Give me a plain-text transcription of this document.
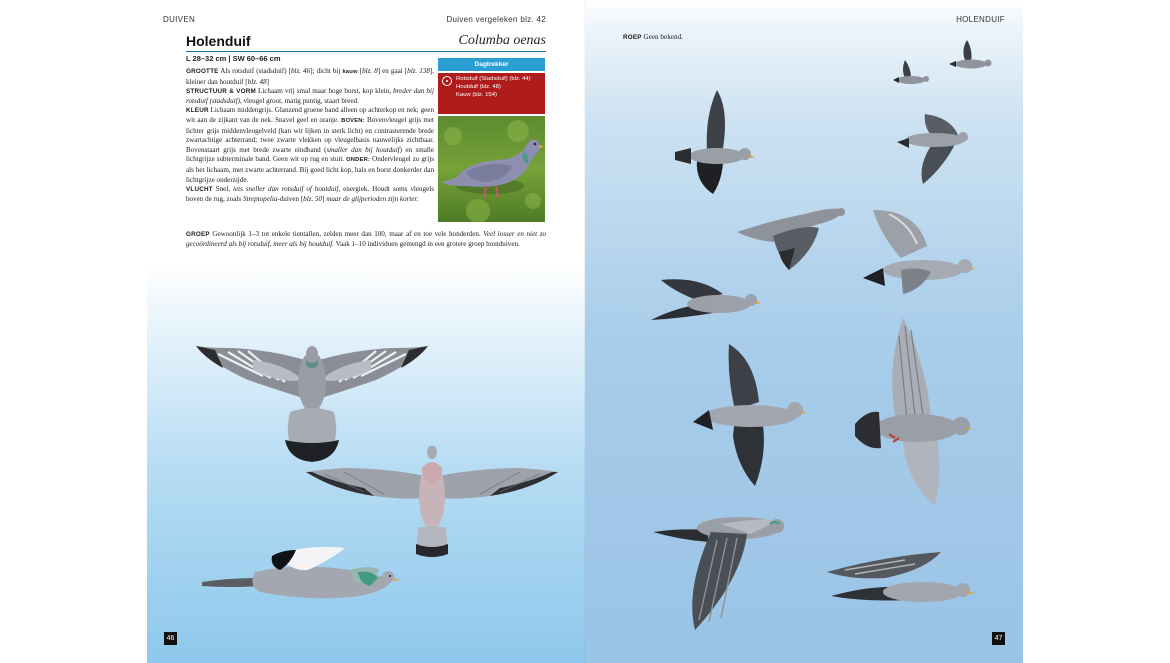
DUIVEN	Duiven vergeleken blz. 42
Holenduif	Columba oenas
L 28–32 cm | SW 60–66 cm
Dagtrekker
Rotsduif (Stadsduif) (blz. 44)
Houtduif (blz. 48)
Kauw (blz. 154)

GROOTTE Als rotsduif (stadsduif) [blz. 46]; dicht bij kauw [blz. 8] en gaai [blz. 138], kleiner dan houtduif [blz. 48]

STRUCTUUR & VORM Lichaam vrij smal maar hoge borst, kop klein, breder dan bij rotsduif (stadsduif), vleugel groot, matig puntig, staart breed.

KLEUR Lichaam middengrijs. Glanzend groene band alleen op achterkop en nek; geen wit aan de zijkant van de nek. Snavel geel en oranje. BOVEN: Bovenvleugel grijs met lichter grijs middenvleugelveld (kan wit lijken in sterk licht) en contrasterende brede zwartachtige achterrand; twee zwarte vlekken op vleugelbasis nauwelijks zichtbaar. Bovenstaart grijs met brede zwarte eindband (smaller dan bij houtduif) en smalle lichtgrijze subterminale band. Geen wit op rug en stuit. ONDER: Ondervleugel zo grijs als het lichaam, met zwarte achterrand. Bij goed licht kop, hals en borst donkerder dan lichtgrijze onderzijde.

VLUCHT Snel, iets sneller dan rotsduif of houtduif, energiek. Houdt soms vleugels boven de rug, zoals Streptopelia-duiven [blz. 50] maar de glijperioden zijn korter.

GROEP Gewoonlijk 1–3 tot enkele tientallen, zelden meer dan 100, maar af en toe vele honderden. Veel losser en niet zo gecoördineerd als bij rotsduif, meer als bij houtduif. Vaak 1–10 individuen gemengd in een grotere groep houtduiven.

46
HOLENDUIF
ROEP Geen bekend.
47
